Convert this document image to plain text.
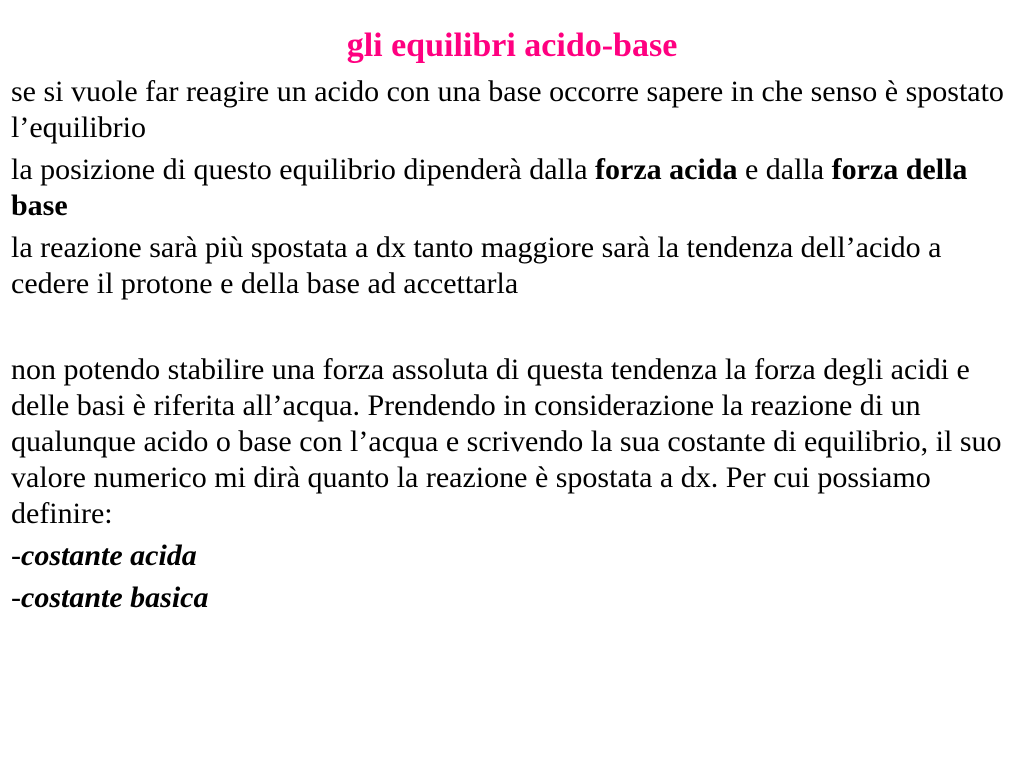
gli equilibri acido-base

se si vuole far reagire un acido con una base occorre sapere in che senso è spostato l’equilibrio

la posizione di questo equilibrio dipenderà dalla forza acida e dalla forza della base

la reazione sarà più spostata a dx tanto maggiore sarà la tendenza dell’acido a cedere il protone e della base ad accettarla

non potendo stabilire una forza assoluta di questa tendenza la forza degli acidi e delle basi è riferita all’acqua. Prendendo in considerazione la reazione di un qualunque acido o base con l’acqua e scrivendo la sua costante di equilibrio, il suo valore numerico mi dirà quanto la reazione è spostata a dx. Per cui possiamo definire:

-costante acida

-costante basica
